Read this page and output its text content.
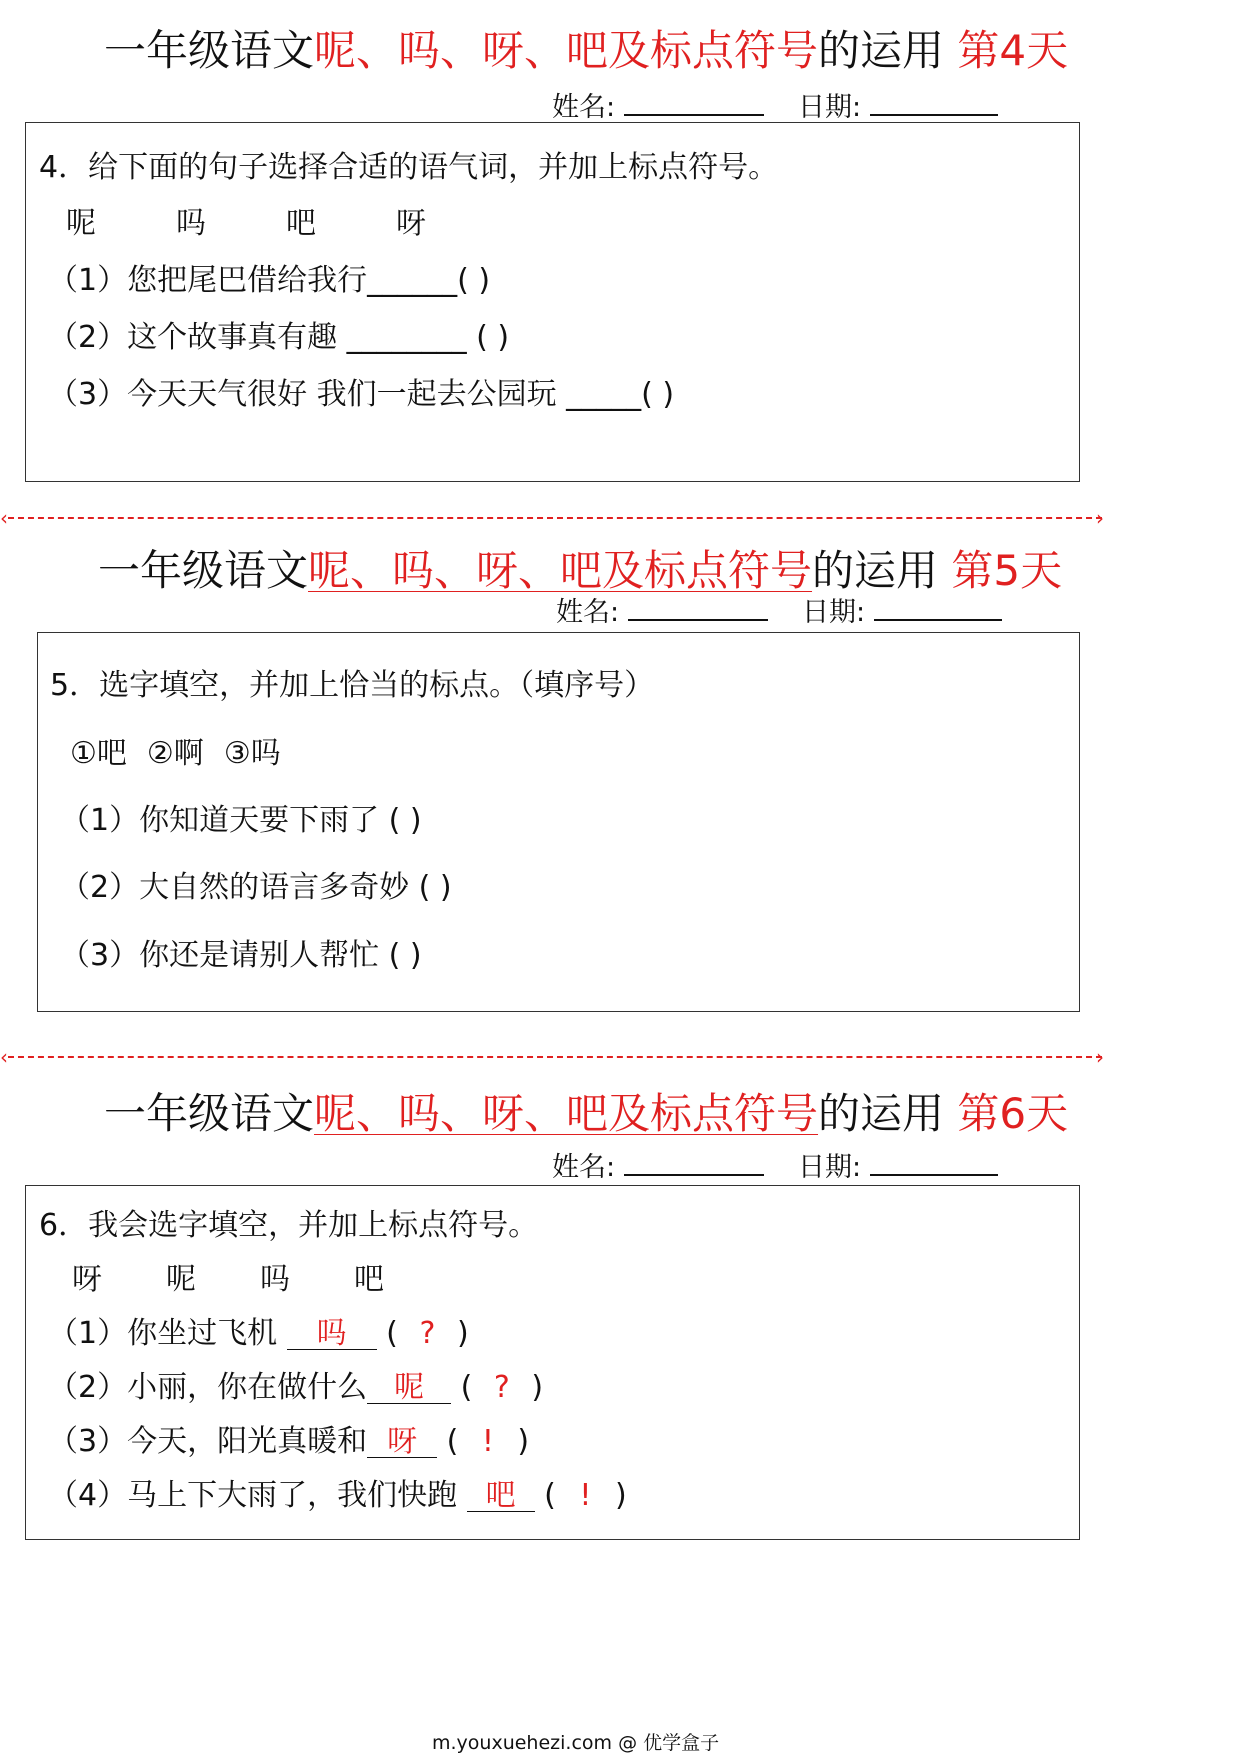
一年级语文呢、吗、呀、吧及标点符号的运用 第4天
姓名:	日期:
4．给下面的句子选择合适的语气词，并加上标点符号。
呢	吗	吧	呀
（1）您把尾巴借给我行______( )
（2）这个故事真有趣 ________ ( )
（3）今天天气很好 我们一起去公园玩 _____( )
‹	›
一年级语文呢、吗、呀、吧及标点符号的运用 第5天
姓名:	日期:
5．选字填空，并加上恰当的标点。（填序号）
①吧 ②啊 ③吗
（1）你知道天要下雨了 ( )
（2）大自然的语言多奇妙 ( )
（3）你还是请别人帮忙 ( )
‹	›
一年级语文呢、吗、呀、吧及标点符号的运用 第6天
姓名:	日期:
6．我会选字填空，并加上标点符号。
呀 呢 吗 吧
（1）你坐过飞机 吗 ( ? )
（2）小丽，你在做什么 呢 ( ? )
（3）今天，阳光真暖和 呀 ( ! )
（4）马上下大雨了，我们快跑 吧 ( ! )
m.youxuehezi.com @ 优学盒子
